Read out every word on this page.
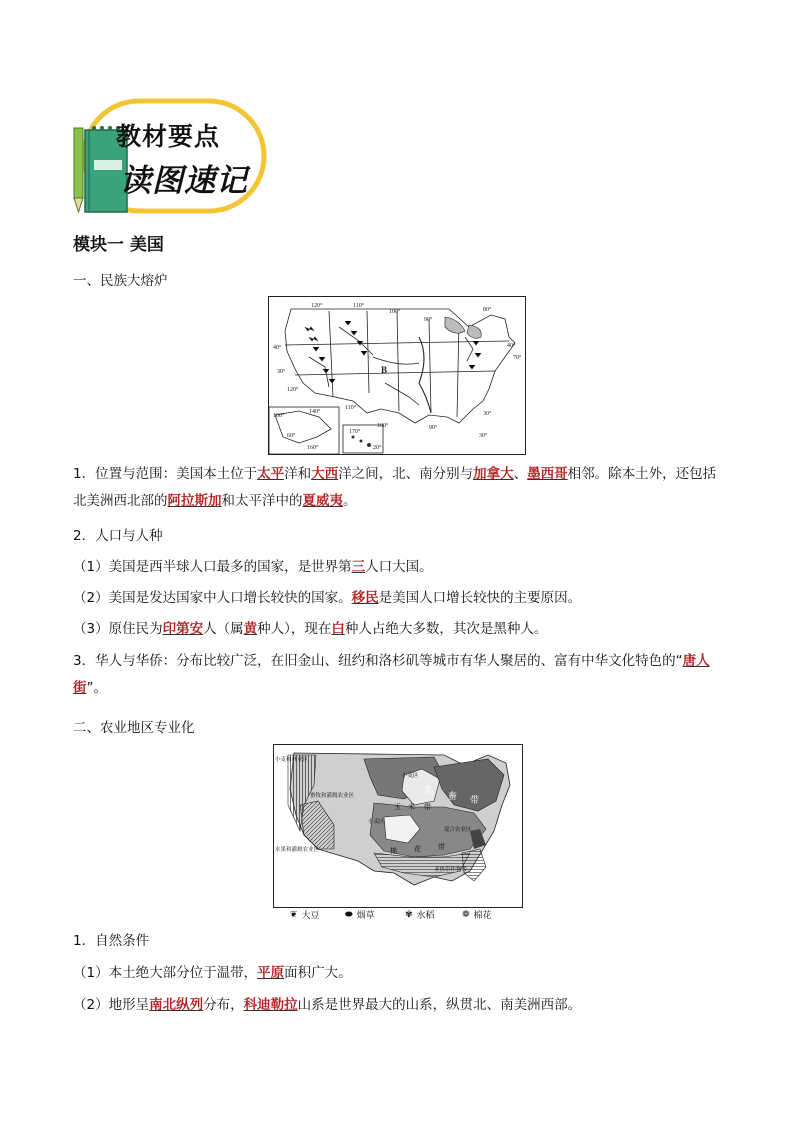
教材要点
读图速记
模块一 美国
一、民族大熔炉
120°	110°
100°
90°
80°
40°
30°
120°
40°
70°
30°
160°
140°
60°
160°
170°
20°
100°	90°
30°
110°
B
1．位置与范围：美国本土位于太平洋和大西洋之间，北、南分别与加拿大、墨西哥相邻。除本土外，还包括北美洲西北部的阿拉斯加和太平洋中的夏威夷。
2．人口与人种
（1）美国是西半球人口最多的国家，是世界第三人口大国。
（2）美国是发达国家中人口增长较快的国家。移民是美国人口增长较快的主要原因。
（3）原住民为印第安人（属黄种人），现在白种人占绝大多数，其次是黑种人。
3．华人与华侨：分布比较广泛，在旧金山、纽约和洛杉矶等城市有华人聚居的、富有中华文化特色的“唐人街”。
二、农业地区专业化
小麦和林业区
水果和灌溉农业区
畜牧和灌溉农业区
小麦区
乳
畜 带
玉 米 带
小麦区
混合农业区
棉 花 带
亚热带作物带
❦ 大豆	⬬ 烟草	✾ 水稻	❁ 棉花
1．自然条件
（1）本土绝大部分位于温带，平原面积广大。
（2）地形呈南北纵列分布，科迪勒拉山系是世界最大的山系，纵贯北、南美洲西部。
